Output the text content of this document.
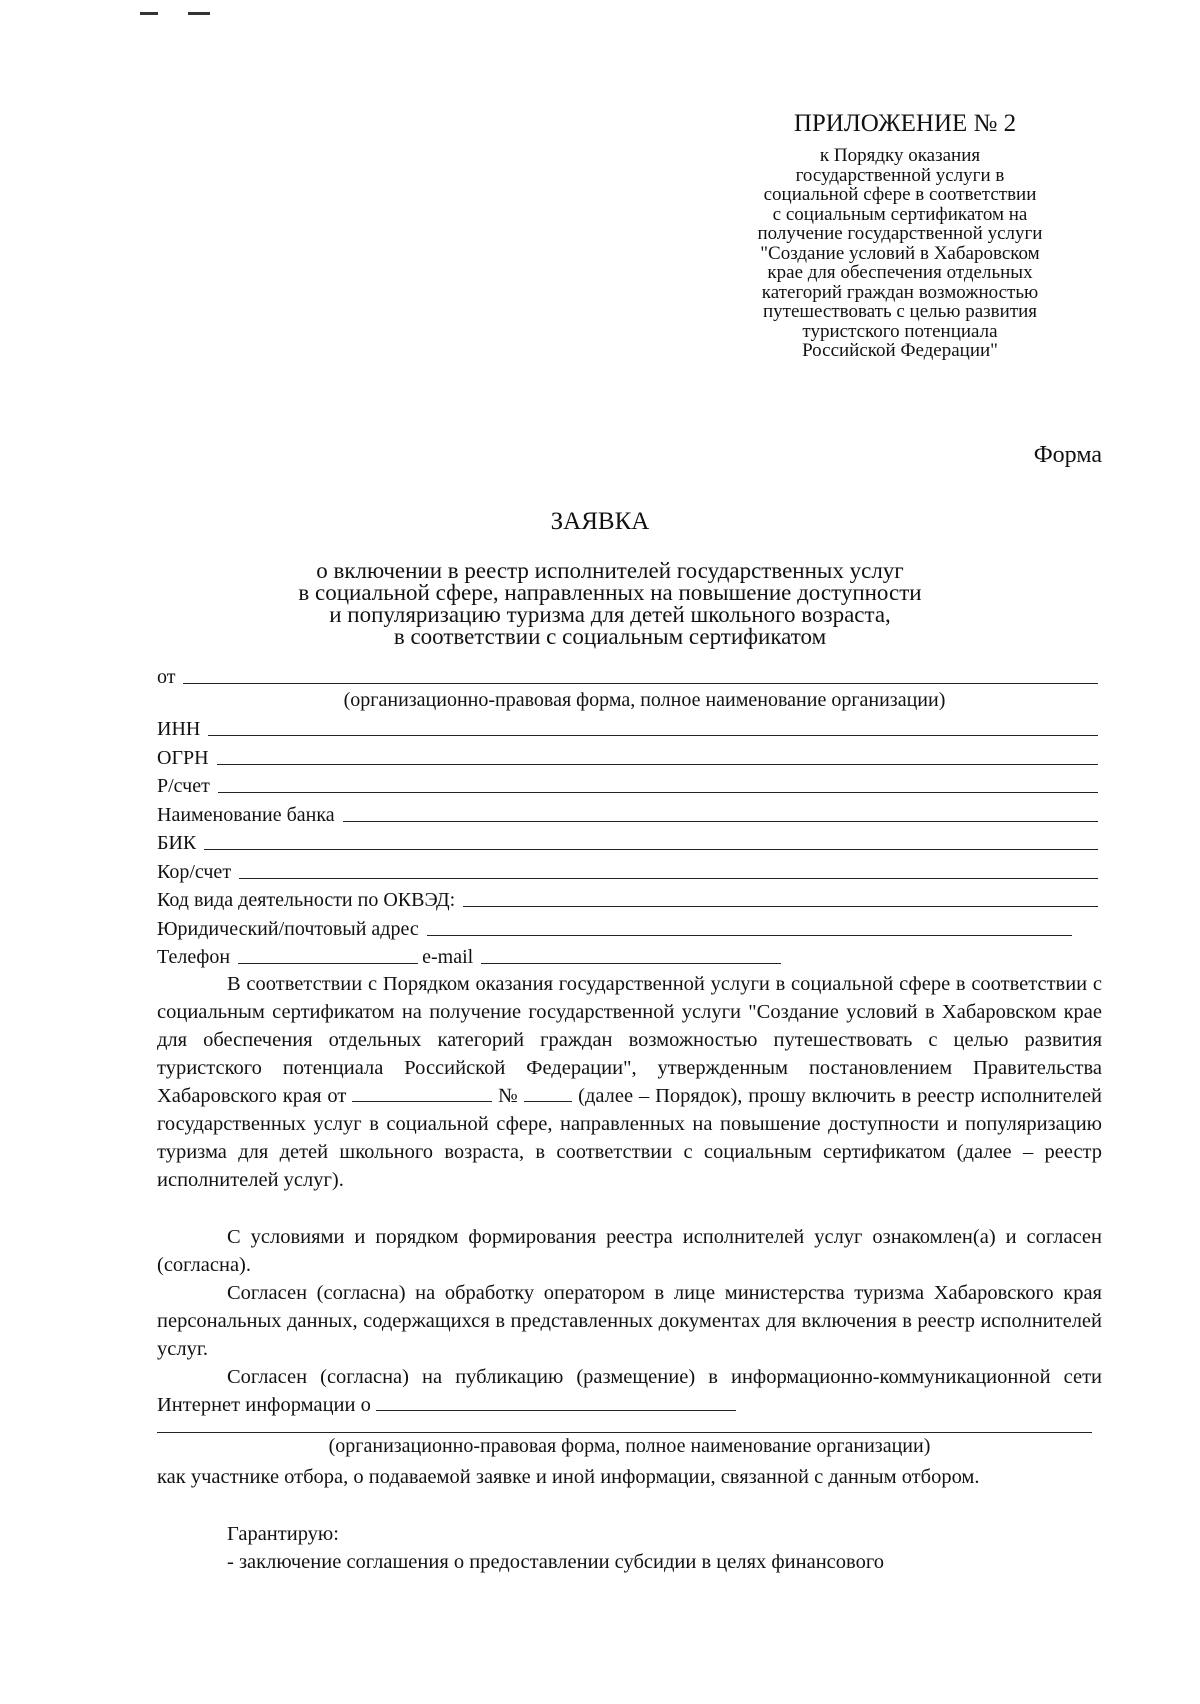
ПРИЛОЖЕНИЕ № 2
к Порядку оказания
государственной услуги в
социальной сфере в соответствии
с социальным сертификатом на
получение государственной услуги
"Создание условий в Хабаровском
крае для обеспечения отдельных
категорий граждан возможностью
путешествовать с целью развития
туристского потенциала
Российской Федерации"
Форма
ЗАЯВКА
о включении в реестр исполнителей государственных услуг
в социальной сфере, направленных на повышение доступности
и популяризацию туризма для детей школьного возраста,
в соответствии с социальным сертификатом
от
(организационно-правовая форма, полное наименование организации)
ИНН
ОГРН
Р/счет
Наименование банка
БИК
Кор/счет
Код вида деятельности по ОКВЭД:
Юридический/почтовый адрес
Телефон	e-mail
В соответствии с Порядком оказания государственной услуги в социальной сфере в соответствии с социальным сертификатом на получение государственной услуги "Создание условий в Хабаровском крае для обеспечения отдельных категорий граждан возможностью путешествовать с целью развития туристского потенциала Российской Федерации", утвержденным постановлением Правительства Хабаровского края от	№	(далее – Порядок), прошу включить в реестр исполнителей государственных услуг в социальной сфере, направленных на повышение доступности и популяризацию туризма для детей школьного возраста, в соответствии с социальным сертификатом (далее – реестр исполнителей услуг).
С условиями и порядком формирования реестра исполнителей услуг ознакомлен(а) и согласен (согласна).
Согласен (согласна) на обработку оператором в лице министерства туризма Хабаровского края персональных данных, содержащихся в представленных документах для включения в реестр исполнителей услуг.
Согласен (согласна) на публикацию (размещение) в информационно-коммуникационной сети Интернет информации о
(организационно-правовая форма, полное наименование организации)
как участнике отбора, о подаваемой заявке и иной информации, связанной с данным отбором.
Гарантирую:
- заключение соглашения о предоставлении субсидии в целях финансового
